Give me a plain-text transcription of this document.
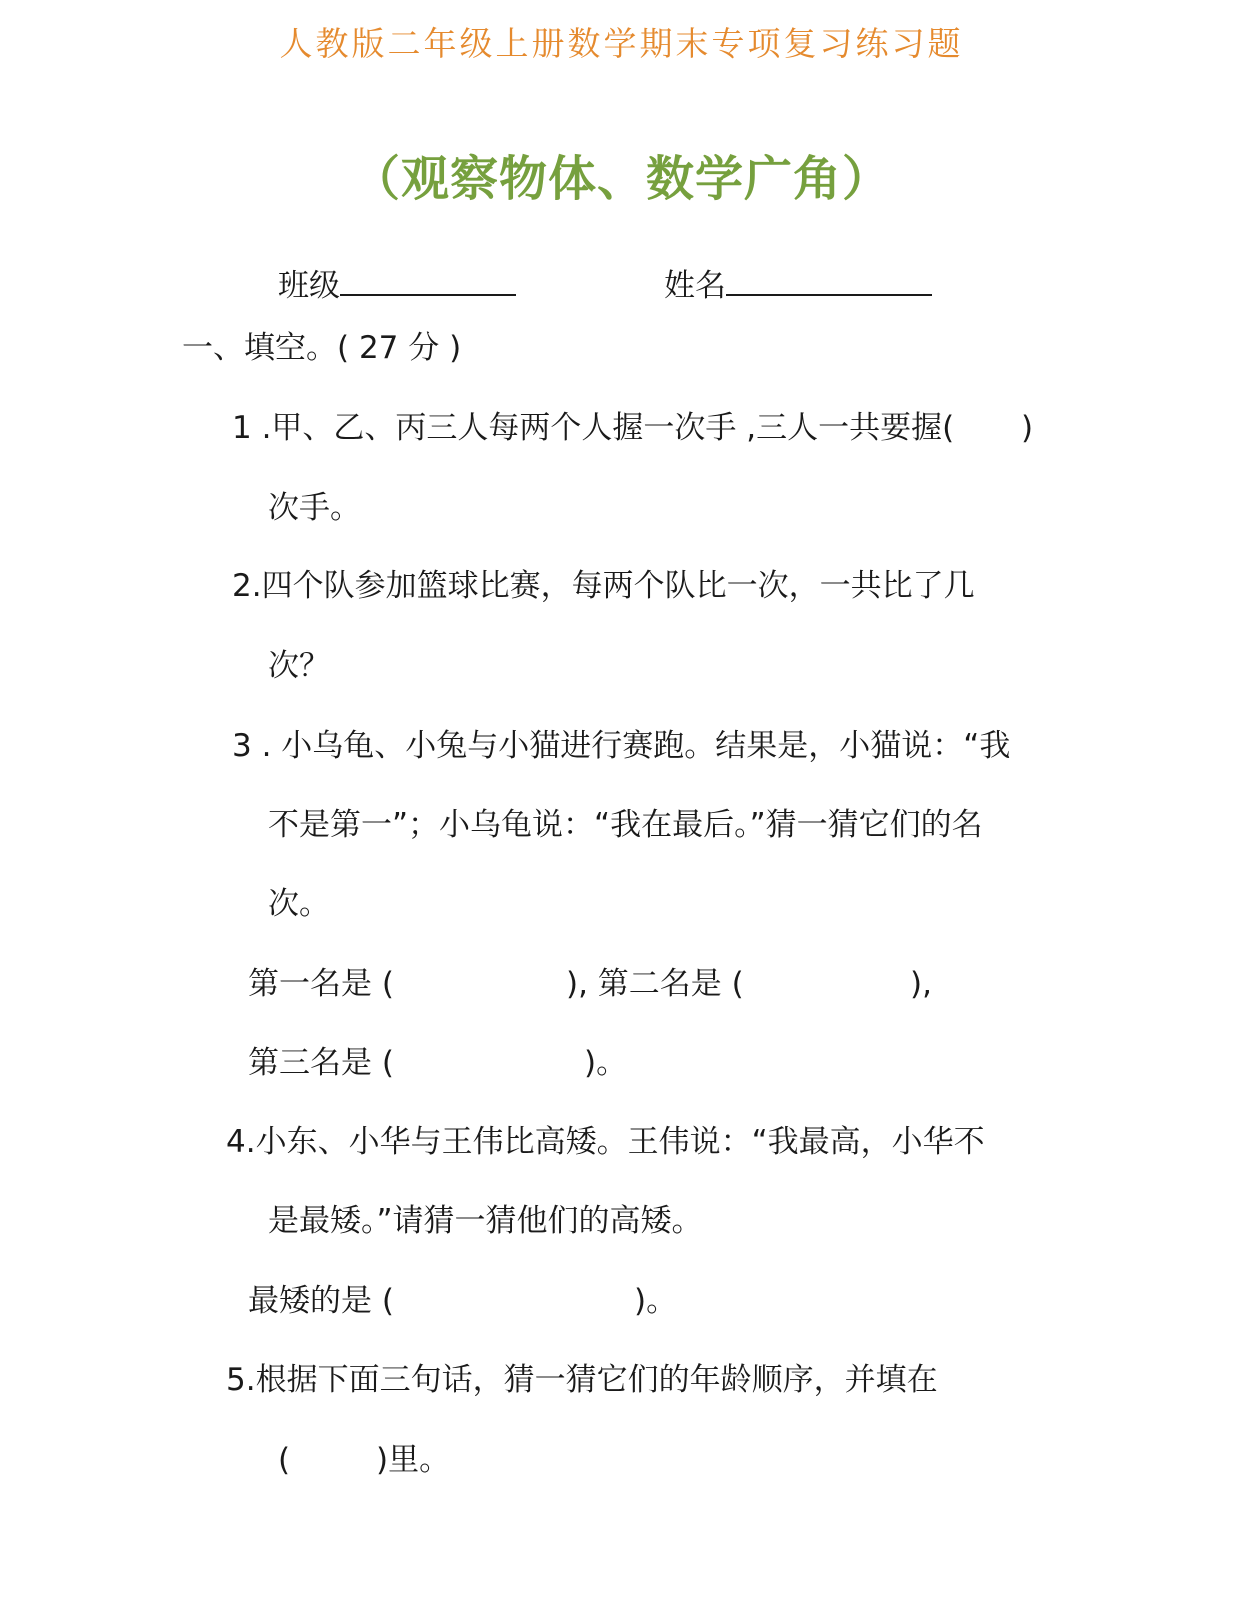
人教版二年级上册数学期末专项复习练习题
（观察物体、数学广角）
班级	姓名
一、填空。( 27 分 )
1 .甲、乙、丙三人每两个人握一次手 ,三人一共要握( )
次手。
2.四个队参加篮球比赛，每两个队比一次，一共比了几
次？
3 . 小乌龟、小兔与小猫进行赛跑。结果是，小猫说：“我
不是第一”；小乌龟说：“我在最后。”猜一猜它们的名
次。
第一名是 (	), 第二名是 (	),
第三名是 (	)。
4.小东、小华与王伟比高矮。王伟说：“我最高，小华不
是最矮。”请猜一猜他们的高矮。
最矮的是 (	)。
5.根据下面三句话，猜一猜它们的年龄顺序，并填在
(	)里。
